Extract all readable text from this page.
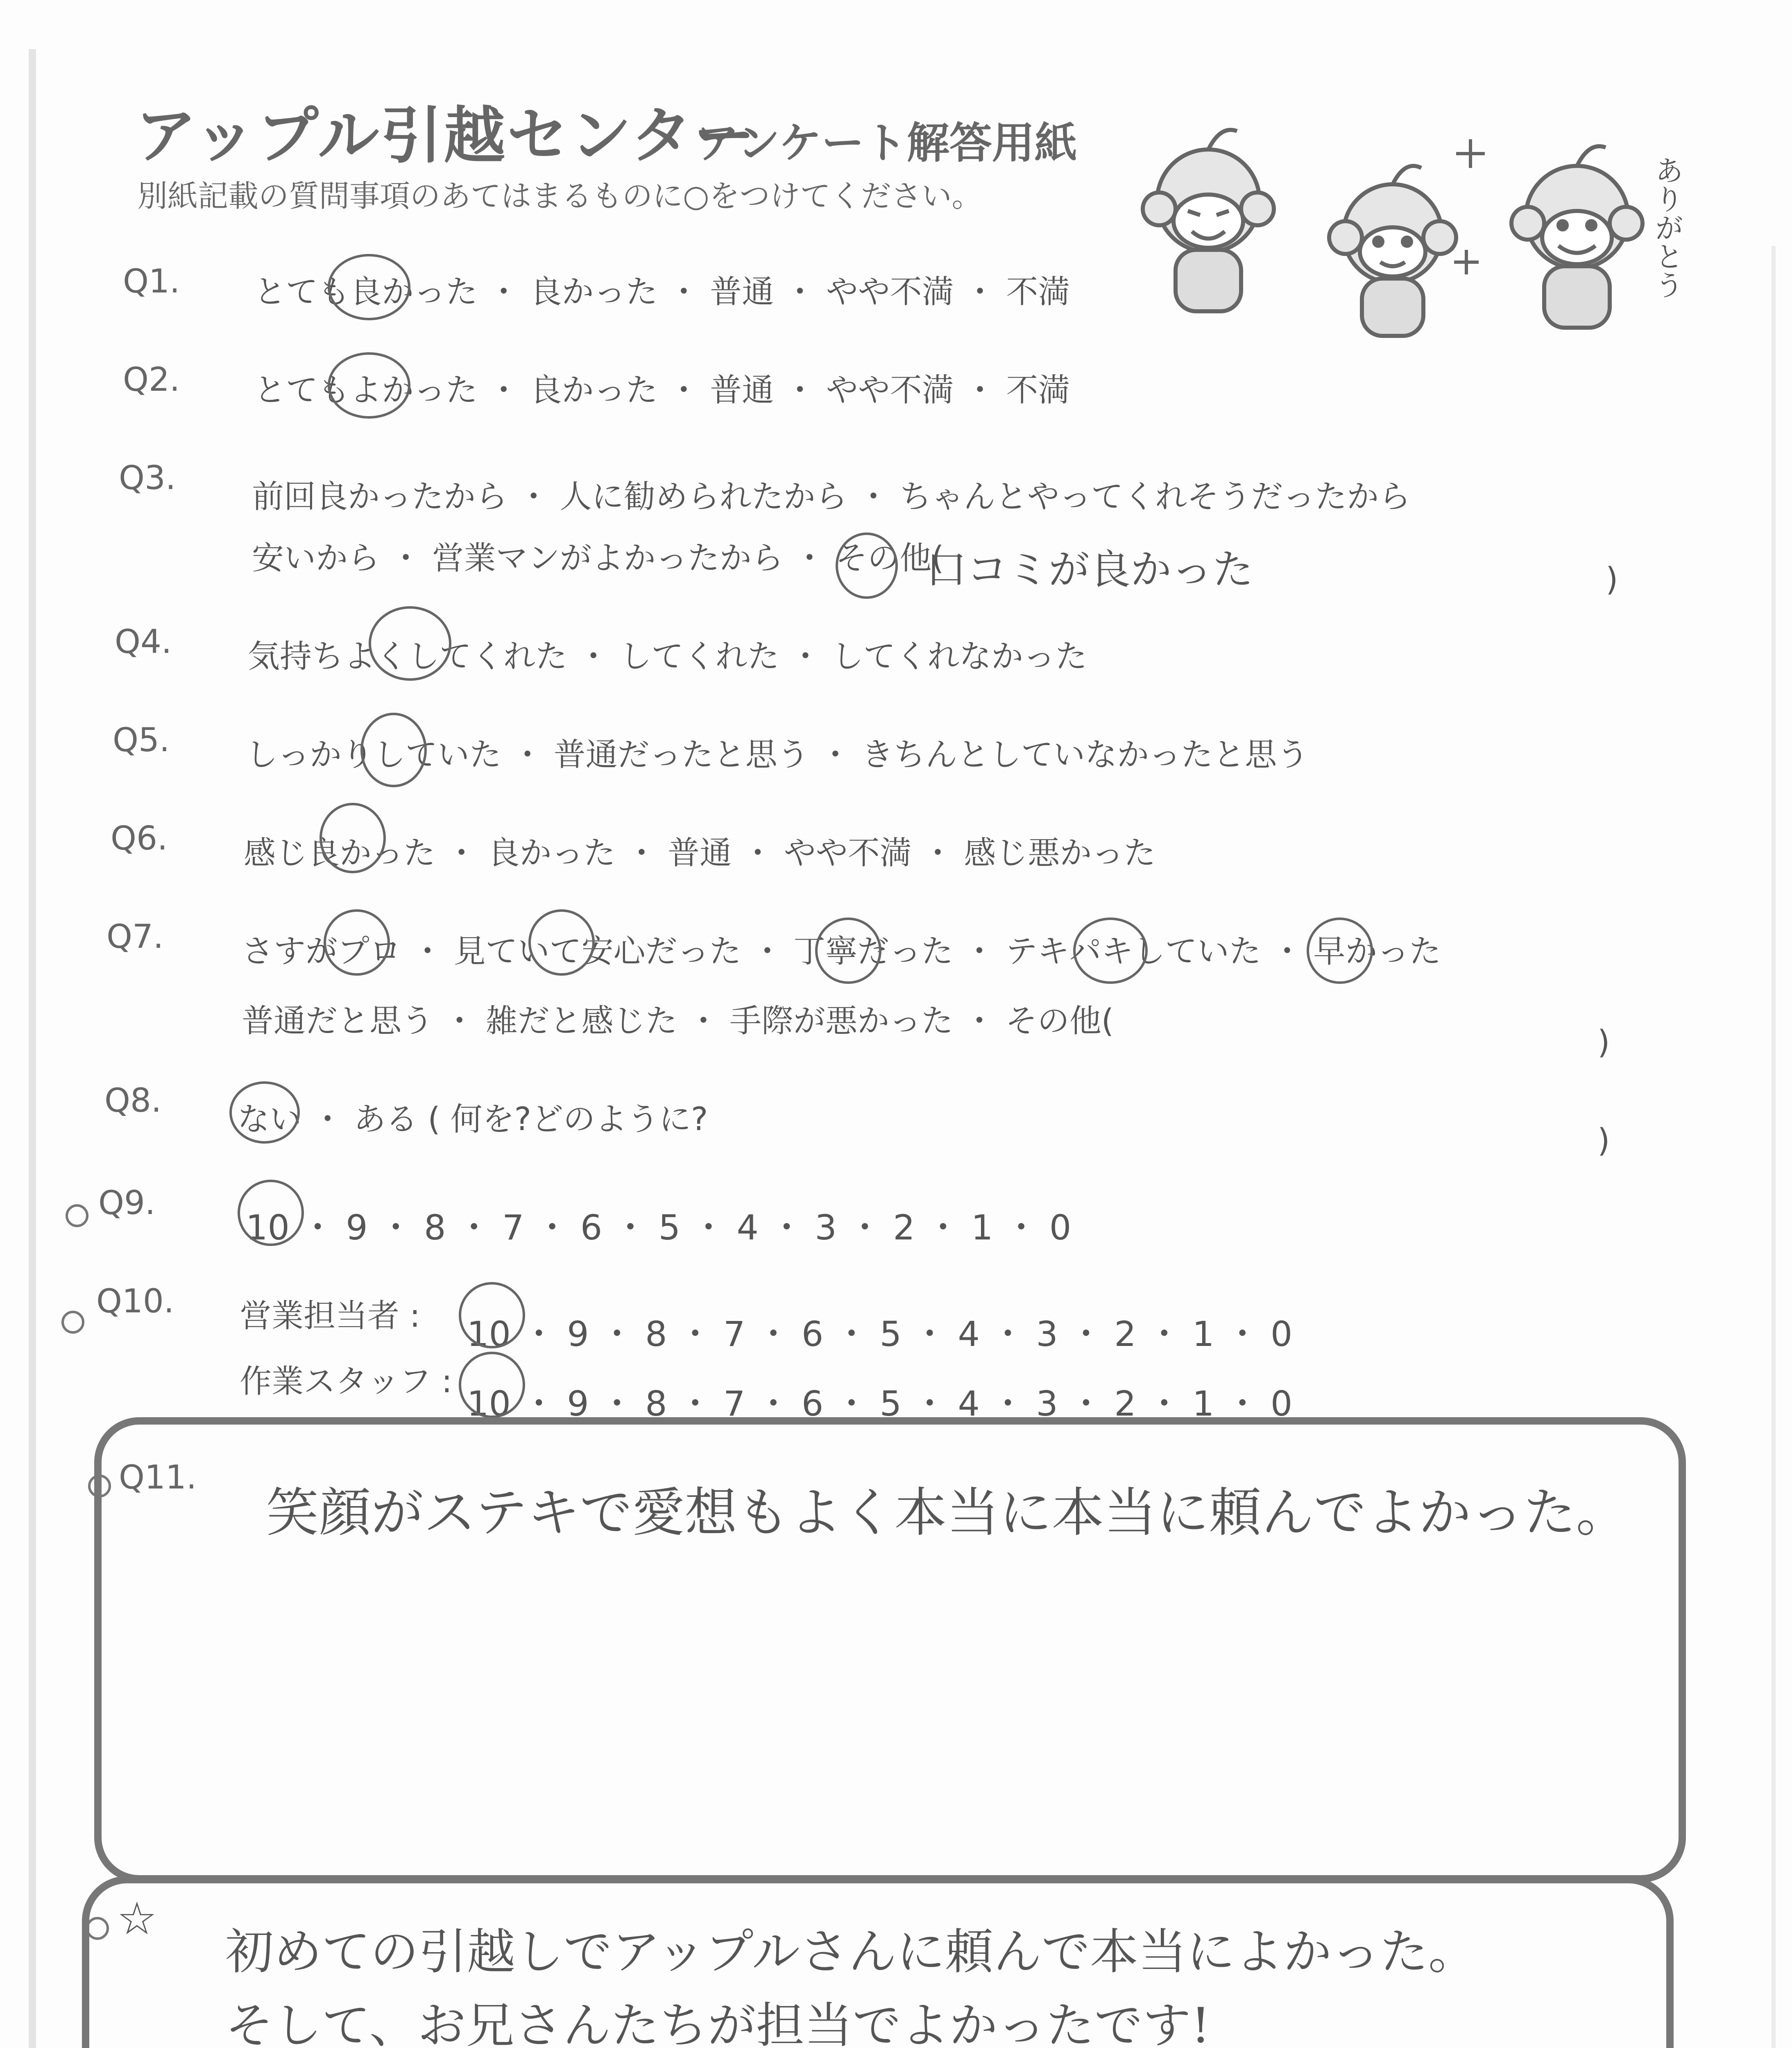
アップル引越センター
アンケート解答用紙
別紙記載の質問事項のあてはまるものに○をつけてください。	ありがとう
Q1. とても良かった ・ 良かった ・ 普通 ・ やや不満 ・ 不満
Q2. とてもよかった ・ 良かった ・ 普通 ・ やや不満 ・ 不満
Q3. 前回良かったから ・ 人に勧められたから ・ ちゃんとやってくれそうだったから
安いから ・ 営業マンがよかったから ・ その他(
口コミが良かった	)
Q4. 気持ちよくしてくれた ・ してくれた ・ してくれなかった
Q5. しっかりしていた ・ 普通だったと思う ・ きちんとしていなかったと思う
Q6. 感じ良かった ・ 良かった ・ 普通 ・ やや不満 ・ 感じ悪かった
Q7. さすがプロ ・ 見ていて安心だった ・ 丁寧だった ・ テキパキしていた ・ 早かった
普通だと思う ・ 雑だと感じた ・ 手際が悪かった ・ その他(
)
Q8. ない ・ ある ( 何を?どのように?
)
Q9.
10 ・ 9 ・ 8 ・ 7 ・ 6 ・ 5 ・ 4 ・ 3 ・ 2 ・ 1 ・ 0
Q10. 営業担当者 : 10 ・ 9 ・ 8 ・ 7 ・ 6 ・ 5 ・ 4 ・ 3 ・ 2 ・ 1 ・ 0
作業スタッフ :
10 ・ 9 ・ 8 ・ 7 ・ 6 ・ 5 ・ 4 ・ 3 ・ 2 ・ 1 ・ 0
Q11.
笑顔がステキで愛想もよく本当に本当に頼んでよかった。
☆
初めての引越しでアップルさんに頼んで本当によかった。
そして、お兄さんたちが担当でよかったです!
